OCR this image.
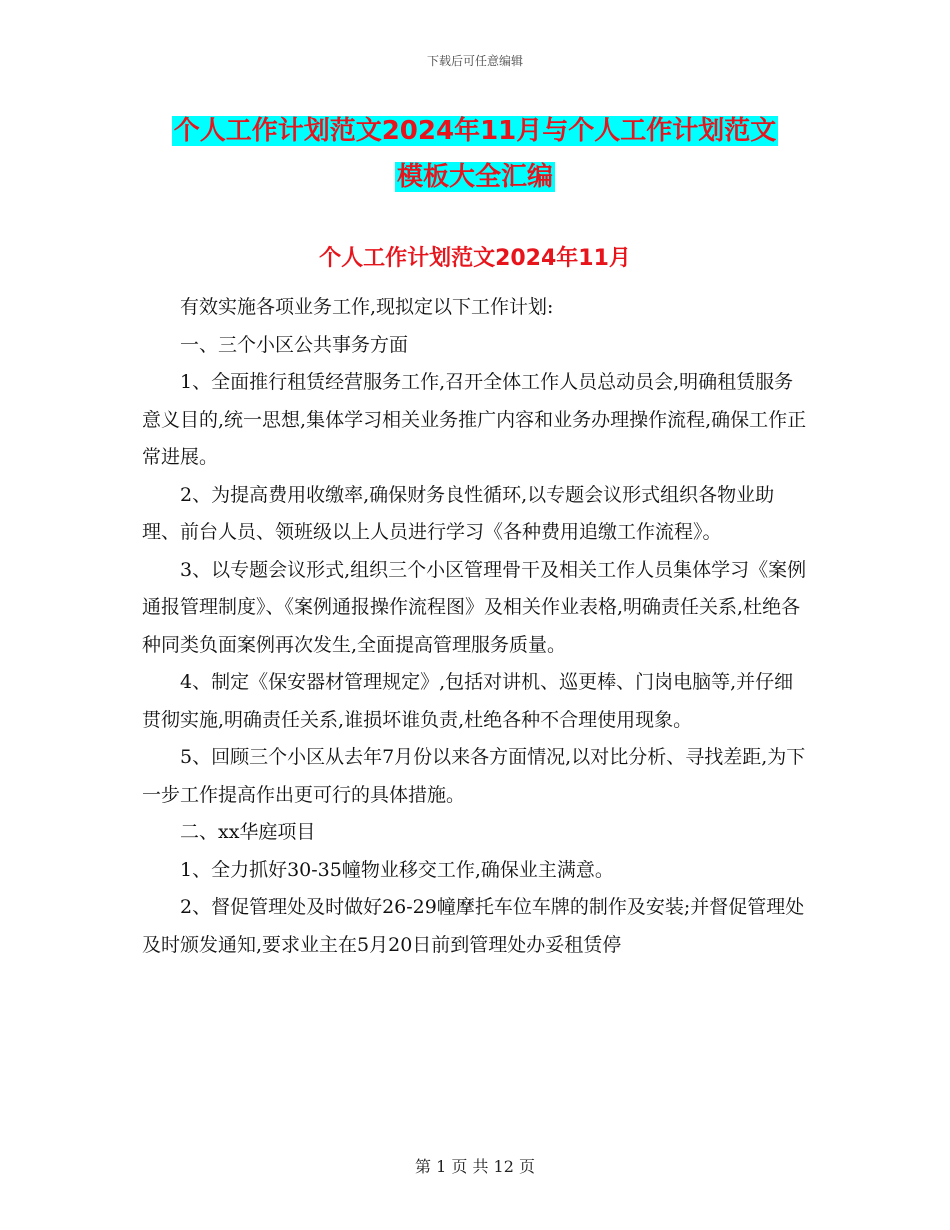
下载后可任意编辑
个人工作计划范文2024年11月与个人工作计划范文
模板大全汇编
个人工作计划范文2024年11月

有效实施各项业务工作,现拟定以下工作计划:

一、三个小区公共事务方面

1、全面推行租赁经营服务工作,召开全体工作人员总动员会,明确租赁服务意义目的,统一思想,集体学习相关业务推广内容和业务办理操作流程,确保工作正常进展。

2、为提高费用收缴率,确保财务良性循环,以专题会议形式组织各物业助理、前台人员、领班级以上人员进行学习《各种费用追缴工作流程》。

3、以专题会议形式,组织三个小区管理骨干及相关工作人员集体学习《案例通报管理制度》、《案例通报操作流程图》及相关作业表格,明确责任关系,杜绝各种同类负面案例再次发生,全面提高管理服务质量。

4、制定《保安器材管理规定》,包括对讲机、巡更棒、门岗电脑等,并仔细贯彻实施,明确责任关系,谁损坏谁负责,杜绝各种不合理使用现象。

5、回顾三个小区从去年7月份以来各方面情况,以对比分析、寻找差距,为下一步工作提高作出更可行的具体措施。

二、xx华庭项目

1、全力抓好30-35幢物业移交工作,确保业主满意。

2、督促管理处及时做好26-29幢摩托车位车牌的制作及安装;并督促管理处及时颁发通知,要求业主在5月20日前到管理处办妥租赁停

第 1 页 共 12 页
